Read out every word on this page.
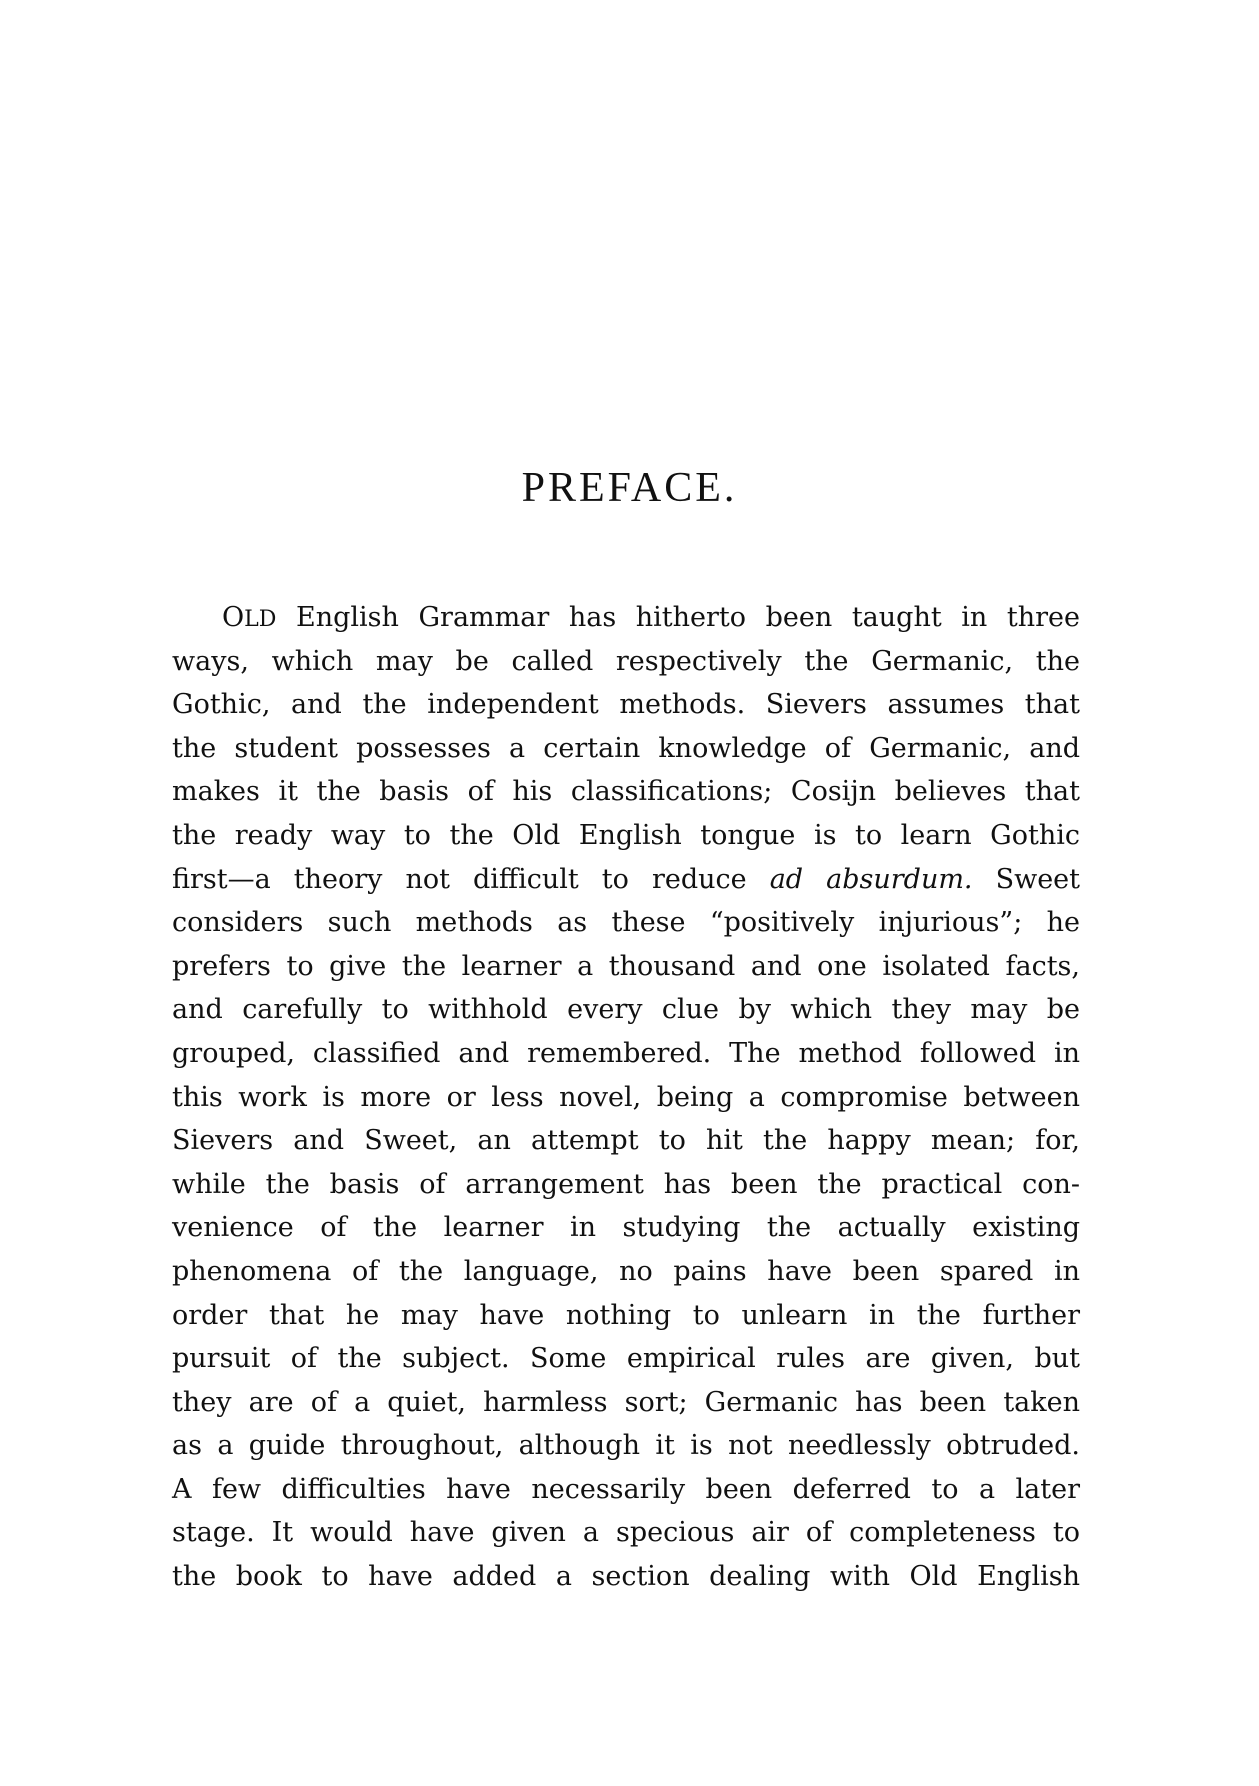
PREFACE.
OLD English Grammar has hitherto been taught in three
ways, which may be called respectively the Germanic, the
Gothic, and the independent methods. Sievers assumes that
the student possesses a certain knowledge of Germanic, and
makes it the basis of his classifications; Cosijn believes that
the ready way to the Old English tongue is to learn Gothic
first—a theory not difficult to reduce ad absurdum. Sweet
considers such methods as these “positively injurious”; he
prefers to give the learner a thousand and one isolated facts,
and carefully to withhold every clue by which they may be
grouped, classified and remembered. The method followed in
this work is more or less novel, being a compromise between
Sievers and Sweet, an attempt to hit the happy mean; for,
while the basis of arrangement has been the practical con-
venience of the learner in studying the actually existing
phenomena of the language, no pains have been spared in
order that he may have nothing to unlearn in the further
pursuit of the subject. Some empirical rules are given, but
they are of a quiet, harmless sort; Germanic has been taken
as a guide throughout, although it is not needlessly obtruded.
A few difficulties have necessarily been deferred to a later
stage. It would have given a specious air of completeness to
the book to have added a section dealing with Old English
